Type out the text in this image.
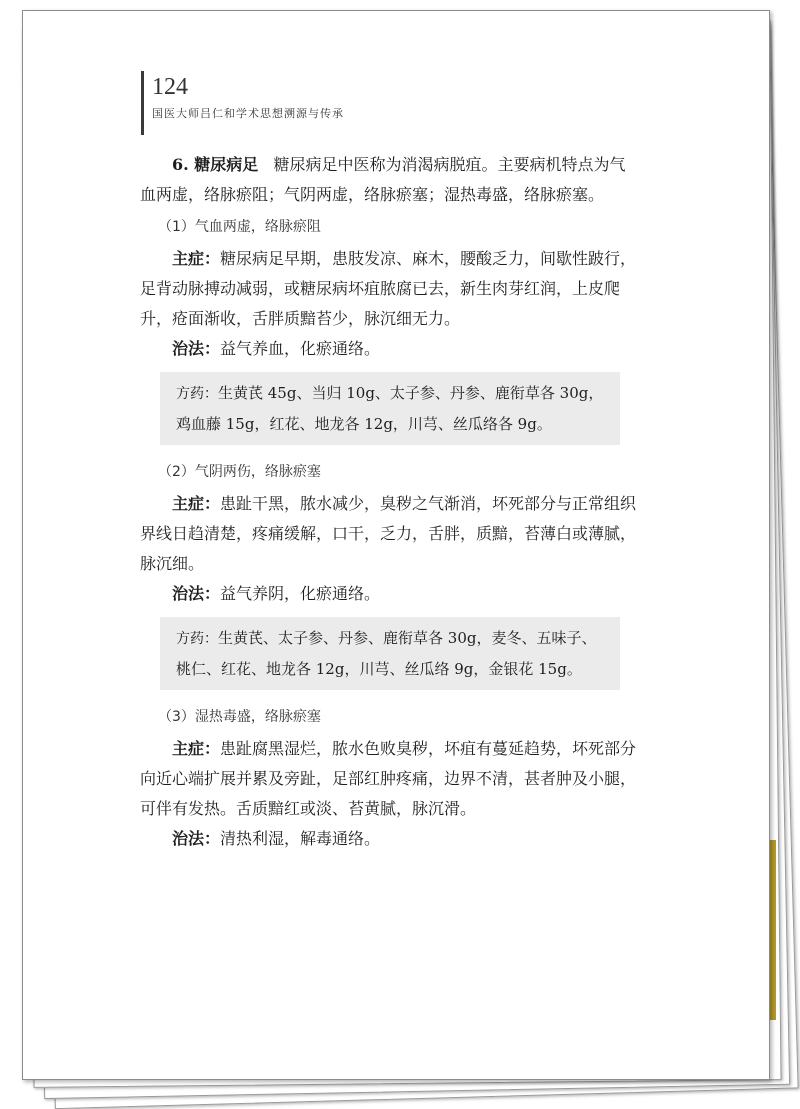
124
国医大师吕仁和学术思想溯源与传承

6. 糖尿病足 糖尿病足中医称为消渴病脱疽。主要病机特点为气血两虚，络脉瘀阻；气阴两虚，络脉瘀塞；湿热毒盛，络脉瘀塞。

（1）气血两虚，络脉瘀阻

主症：糖尿病足早期，患肢发凉、麻木，腰酸乏力，间歇性跛行，足背动脉搏动减弱，或糖尿病坏疽脓腐已去，新生肉芽红润，上皮爬升，疮面渐收，舌胖质黯苔少，脉沉细无力。

治法：益气养血，化瘀通络。

方药：生黄芪 45g、当归 10g、太子参、丹参、鹿衔草各 30g，鸡血藤 15g，红花、地龙各 12g，川芎、丝瓜络各 9g。
（2）气阴两伤，络脉瘀塞

主症：患趾干黑，脓水减少，臭秽之气渐消，坏死部分与正常组织界线日趋清楚，疼痛缓解，口干，乏力，舌胖，质黯，苔薄白或薄腻，脉沉细。

治法：益气养阴，化瘀通络。

方药：生黄芪、太子参、丹参、鹿衔草各 30g，麦冬、五味子、桃仁、红花、地龙各 12g，川芎、丝瓜络 9g，金银花 15g。
（3）湿热毒盛，络脉瘀塞

主症：患趾腐黑湿烂，脓水色败臭秽，坏疽有蔓延趋势，坏死部分向近心端扩展并累及旁趾，足部红肿疼痛，边界不清，甚者肿及小腿，可伴有发热。舌质黯红或淡、苔黄腻，脉沉滑。

治法：清热利湿，解毒通络。
